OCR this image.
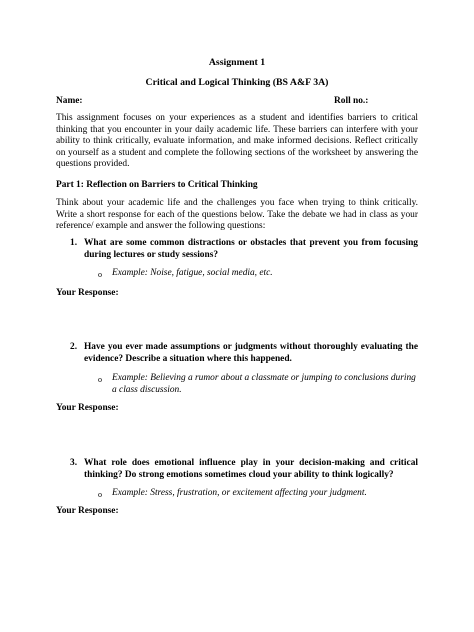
Assignment 1
Critical and Logical Thinking (BS A&F 3A)
Name:	Roll no.:
This assignment focuses on your experiences as a student and identifies barriers to critical thinking that you encounter in your daily academic life. These barriers can interfere with your ability to think critically, evaluate information, and make informed decisions. Reflect critically on yourself as a student and complete the following sections of the worksheet by answering the questions provided.
Part 1: Reflection on Barriers to Critical Thinking
Think about your academic life and the challenges you face when trying to think critically. Write a short response for each of the questions below. Take the debate we had in class as your reference/ example and answer the following questions:
1. What are some common distractions or obstacles that prevent you from focusing during lectures or study sessions?
o Example: Noise, fatigue, social media, etc.
Your Response:
2. Have you ever made assumptions or judgments without thoroughly evaluating the evidence? Describe a situation where this happened.
o Example: Believing a rumor about a classmate or jumping to conclusions during a class discussion.
Your Response:
3. What role does emotional influence play in your decision-making and critical thinking? Do strong emotions sometimes cloud your ability to think logically?
o Example: Stress, frustration, or excitement affecting your judgment.
Your Response:
